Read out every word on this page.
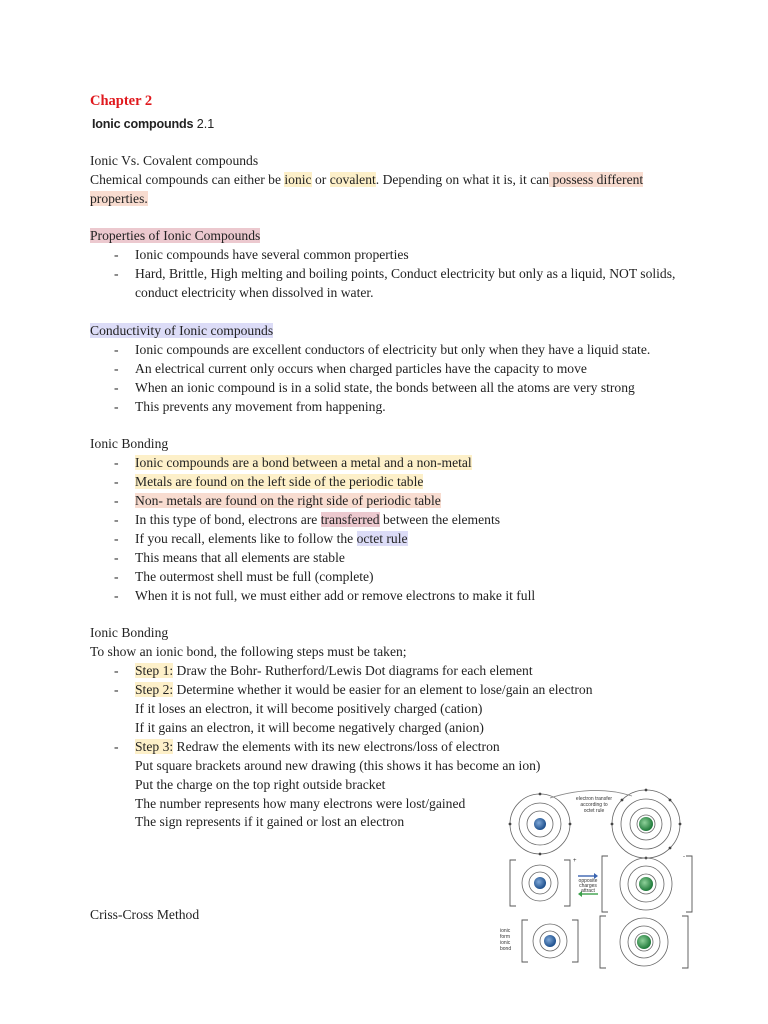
Chapter 2
Ionic compounds 2.1

Ionic Vs. Covalent compounds

Chemical compounds can either be ionic or covalent. Depending on what it is, it can possess different properties.

Properties of Ionic Compounds

- Ionic compounds have several common properties
- Hard, Brittle, High melting and boiling points, Conduct electricity but only as a liquid, NOT solids, conduct electricity when dissolved in water.

Conductivity of Ionic compounds

- Ionic compounds are excellent conductors of electricity but only when they have a liquid state.
- An electrical current only occurs when charged particles have the capacity to move
- When an ionic compound is in a solid state, the bonds between all the atoms are very strong
- This prevents any movement from happening.

Ionic Bonding

- Ionic compounds are a bond between a metal and a non-metal
- Metals are found on the left side of the periodic table
- Non- metals are found on the right side of periodic table
- In this type of bond, electrons are transferred between the elements
- If you recall, elements like to follow the octet rule
- This means that all elements are stable
- The outermost shell must be full (complete)
- When it is not full, we must either add or remove electrons to make it full

Ionic Bonding

To show an ionic bond, the following steps must be taken;

- Step 1: Draw the Bohr- Rutherford/Lewis Dot diagrams for each element
- Step 2: Determine whether it would be easier for an element to lose/gain an electron
If it loses an electron, it will become positively charged (cation)
If it gains an electron, it will become negatively charged (anion)
- Step 3: Redraw the elements with its new electrons/loss of electron
Put square brackets around new drawing (this shows it has become an ion)
Put the charge on the top right outside bracket
The number represents how many electrons were lost/gained
The sign represents if it gained or lost an electron
Criss-Cross Method
electron transfer
according to
octet rule
+
-
opposite
charges
attract
ionic
form
ionic
bond
